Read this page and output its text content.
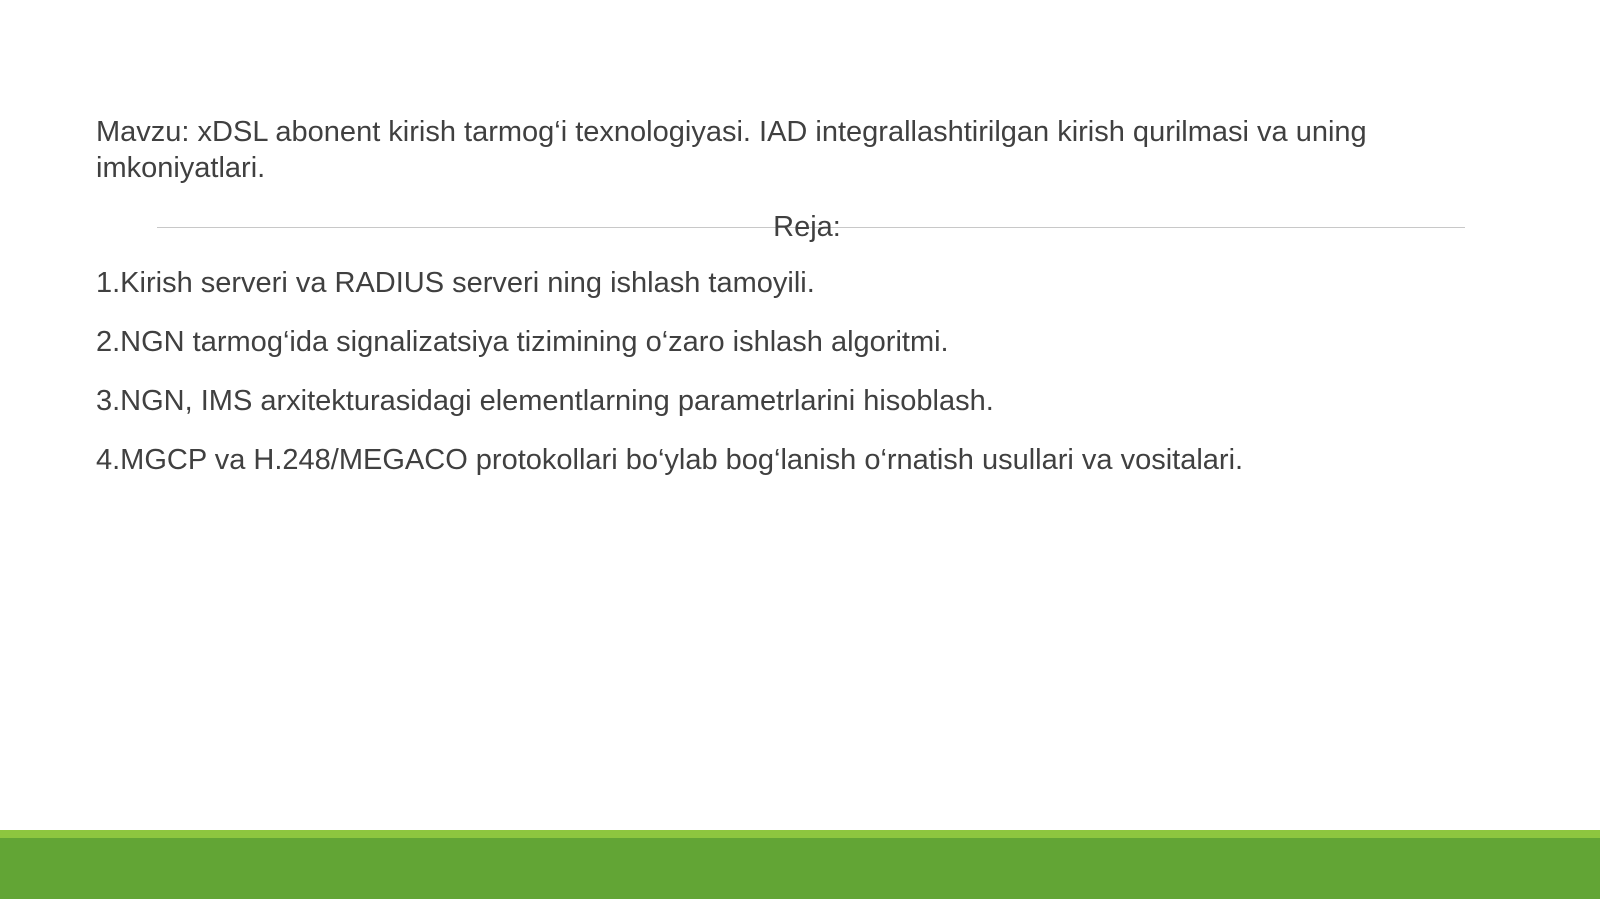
Mavzu: xDSL abonent kirish tarmog‘i texnologiyasi. IAD integrallashtirilgan kirish qurilmasi va uning imkoniyatlari.

Reja:
1.Kirish serveri va RADIUS serveri ning ishlash tamoyili.
2.NGN tarmog‘ida signalizatsiya tizimining o‘zaro ishlash algoritmi.
3.NGN, IMS arxitekturasidagi elementlarning parametrlarini hisoblash.
4.MGCP va H.248/MEGACO protokollari bo‘ylab bog‘lanish o‘rnatish usullari va vositalari.
